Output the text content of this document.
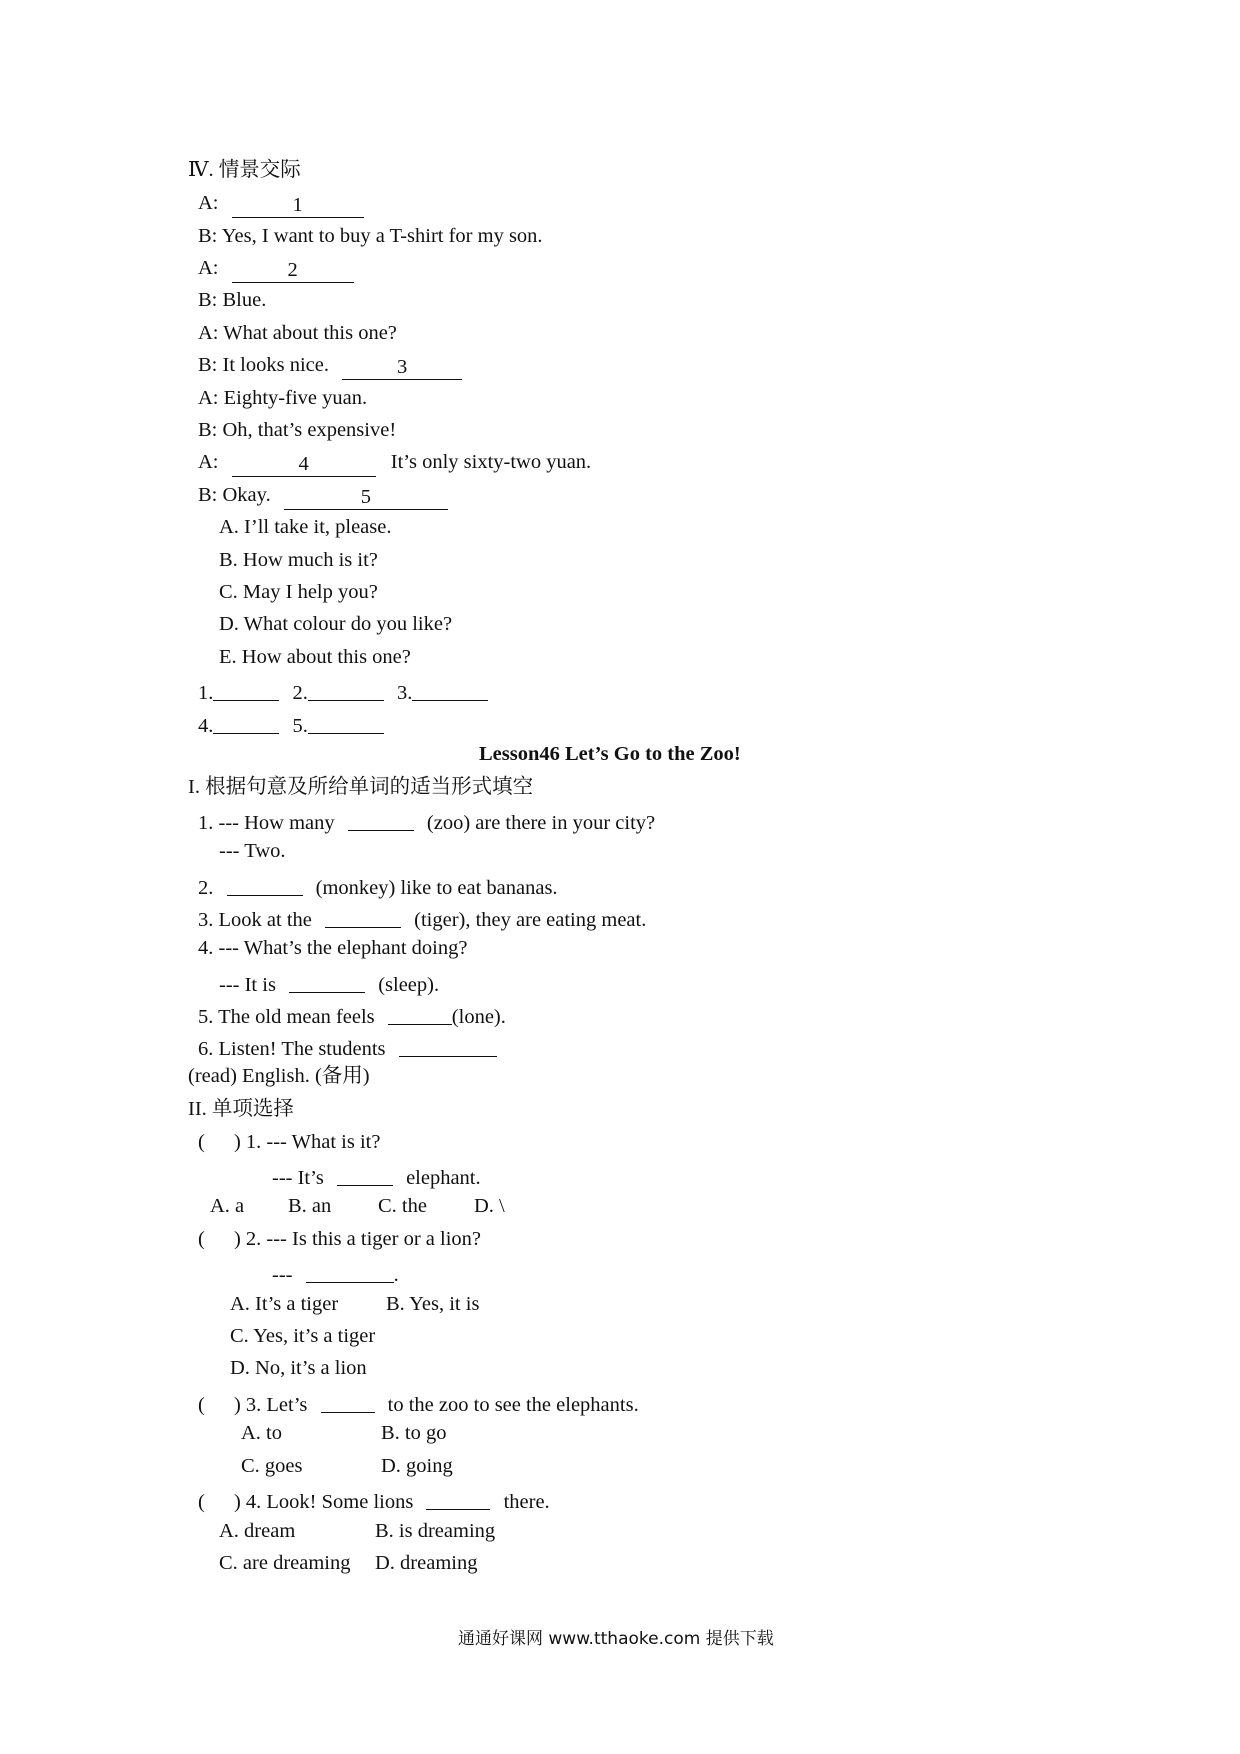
Ⅳ. 情景交际
A:	1
B: Yes, I want to buy a T-shirt for my son.
A:	2
B: Blue.
A: What about this one?
B: It looks nice.	3
A: Eighty-five yuan.
B: Oh, that’s expensive!
A:	4	It’s only sixty-two yuan.
B: Okay.	5
A. I’ll take it, please.
B. How much is it?
C. May I help you?
D. What colour do you like?
E. How about this one?
1.	2.	3.
4.	5.
Lesson46 Let’s Go to the Zoo!
I. 根据句意及所给单词的适当形式填空
1. --- How many	(zoo) are there in your city?
--- Two.
2.	(monkey) like to eat bananas.
3. Look at the	(tiger), they are eating meat.
4. --- What’s the elephant doing?
--- It is	(sleep).
5. The old mean feels	(lone).
6. Listen! The students
(read) English. (备用)
II. 单项选择
( ) 1. --- What is it?
--- It’s	elephant.
A. a B. an C. the D. \
( ) 2. --- Is this a tiger or a lion?
---	.
A. It’s a tiger B. Yes, it is
C. Yes, it’s a tiger
D. No, it’s a lion
( ) 3. Let’s	to the zoo to see the elephants.
A. to	B. to go
C. goes	D. going
( ) 4. Look! Some lions	there.
A. dream	B. is dreaming
C. are dreaming D. dreaming
通通好课网 www.tthaoke.com 提供下载
